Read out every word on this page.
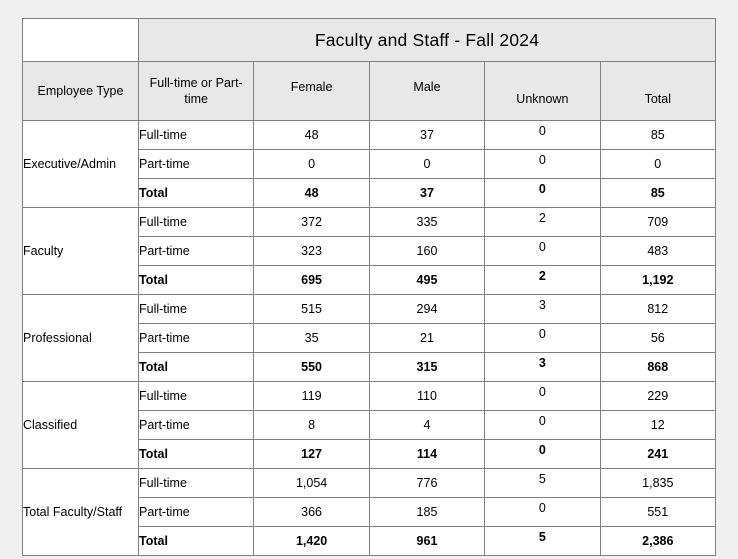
	Faculty and Staff - Fall 2024				
Employee Type	Full-time or Part-time	Female	Male	Unknown	Total
Executive/Admin	Full-time	48	37	0	85
	Part-time	0	0	0	0
	Total	48	37	0	85
Faculty	Full-time	372	335	2	709
	Part-time	323	160	0	483
	Total	695	495	2	1,192
Professional	Full-time	515	294	3	812
	Part-time	35	21	0	56
	Total	550	315	3	868
Classified	Full-time	119	110	0	229
	Part-time	8	4	0	12
	Total	127	114	0	241
Total Faculty/Staff	Full-time	1,054	776	5	1,835
	Part-time	366	185	0	551
	Total	1,420	961	5	2,386
